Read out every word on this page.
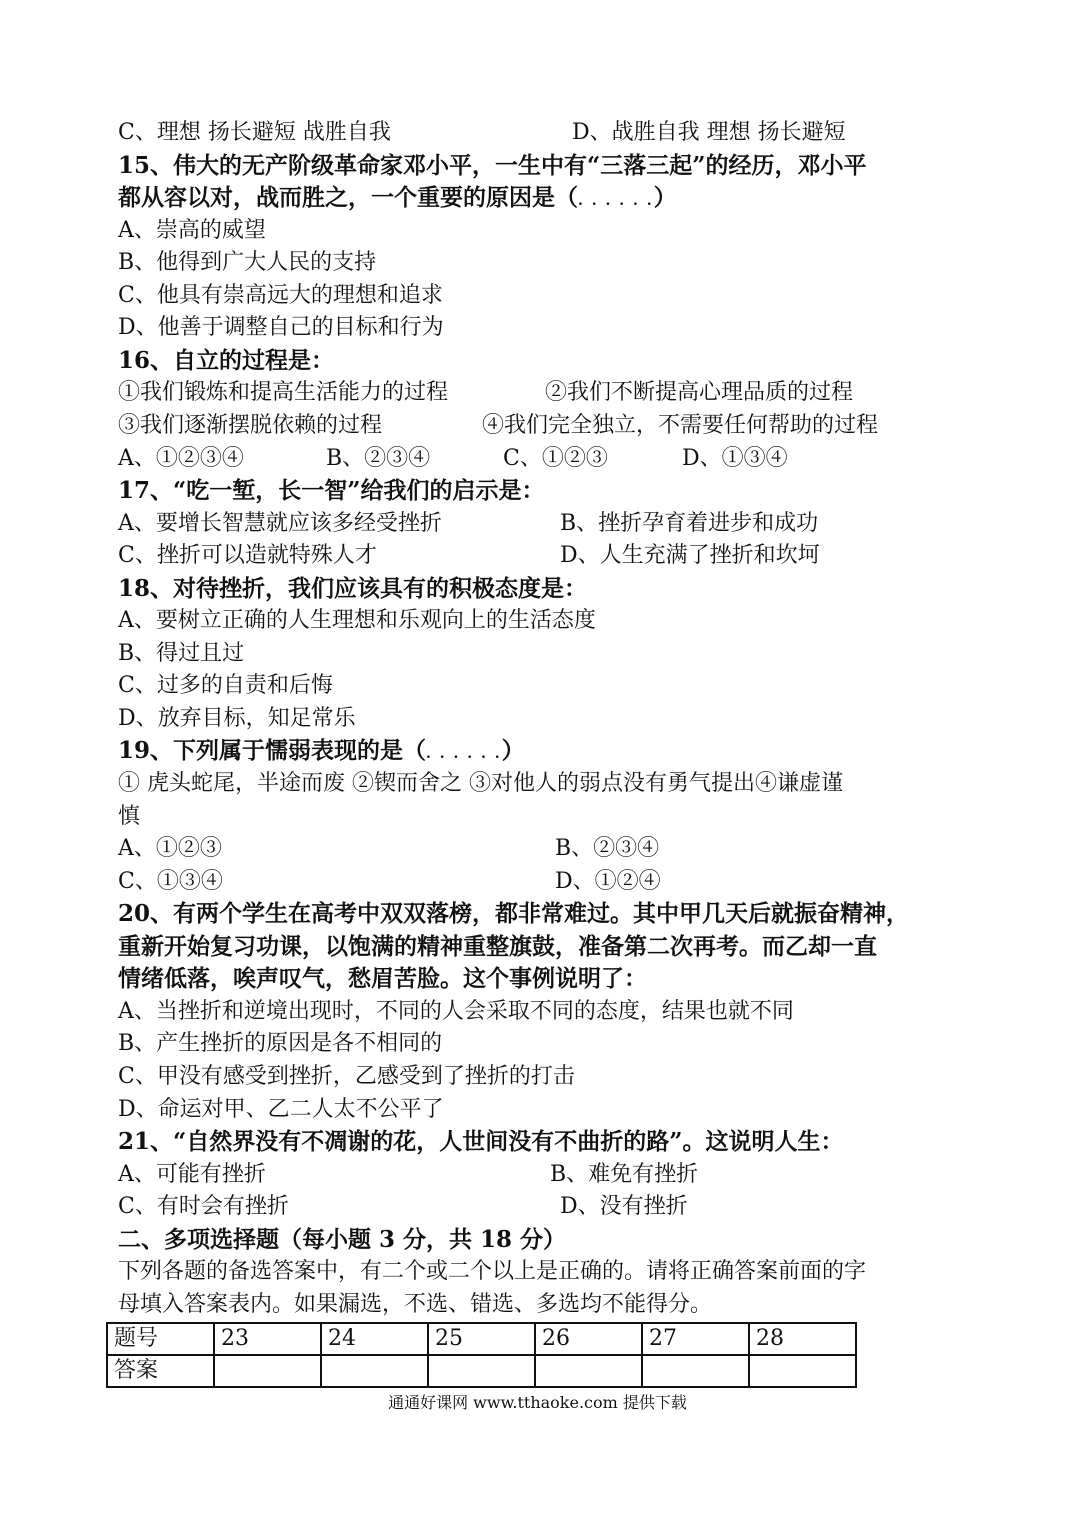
C、理想 扬长避短 战胜自我	D、战胜自我 理想 扬长避短
15、伟大的无产阶级革命家邓小平，一生中有“三落三起”的经历，邓小平
都从容以对，战而胜之，一个重要的原因是（. . . . . .）
A、崇高的威望
B、他得到广大人民的支持
C、他具有崇高远大的理想和追求
D、他善于调整自己的目标和行为
16、自立的过程是：
①我们锻炼和提高生活能力的过程	②我们不断提高心理品质的过程
③我们逐渐摆脱依赖的过程	④我们完全独立，不需要任何帮助的过程
A、①②③④	B、②③④	C、①②③	D、①③④
17、“吃一堑，长一智”给我们的启示是：
A、要增长智慧就应该多经受挫折	B、挫折孕育着进步和成功
C、挫折可以造就特殊人才	D、人生充满了挫折和坎坷
18、对待挫折，我们应该具有的积极态度是：
A、要树立正确的人生理想和乐观向上的生活态度
B、得过且过
C、过多的自责和后悔
D、放弃目标，知足常乐
19、下列属于懦弱表现的是（. . . . . .）
① 虎头蛇尾，半途而废 ②锲而舍之 ③对他人的弱点没有勇气提出④谦虚谨
慎
A、①②③	B、②③④
C、①③④	D、①②④
20、有两个学生在高考中双双落榜，都非常难过。其中甲几天后就振奋精神，
重新开始复习功课，以饱满的精神重整旗鼓，准备第二次再考。而乙却一直
情绪低落，唉声叹气，愁眉苦脸。这个事例说明了：
A、当挫折和逆境出现时，不同的人会采取不同的态度，结果也就不同
B、产生挫折的原因是各不相同的
C、甲没有感受到挫折，乙感受到了挫折的打击
D、命运对甲、乙二人太不公平了
21、“自然界没有不凋谢的花，人世间没有不曲折的路”。这说明人生：
A、可能有挫折	B、难免有挫折
C、有时会有挫折	D、没有挫折
二、多项选择题（每小题 3 分，共 18 分）
下列各题的备选答案中，有二个或二个以上是正确的。请将正确答案前面的字
母填入答案表内。如果漏选，不选、错选、多选均不能得分。
题号	23	24	25	26	27	28
答案						
通通好课网 www.tthaoke.com 提供下载
